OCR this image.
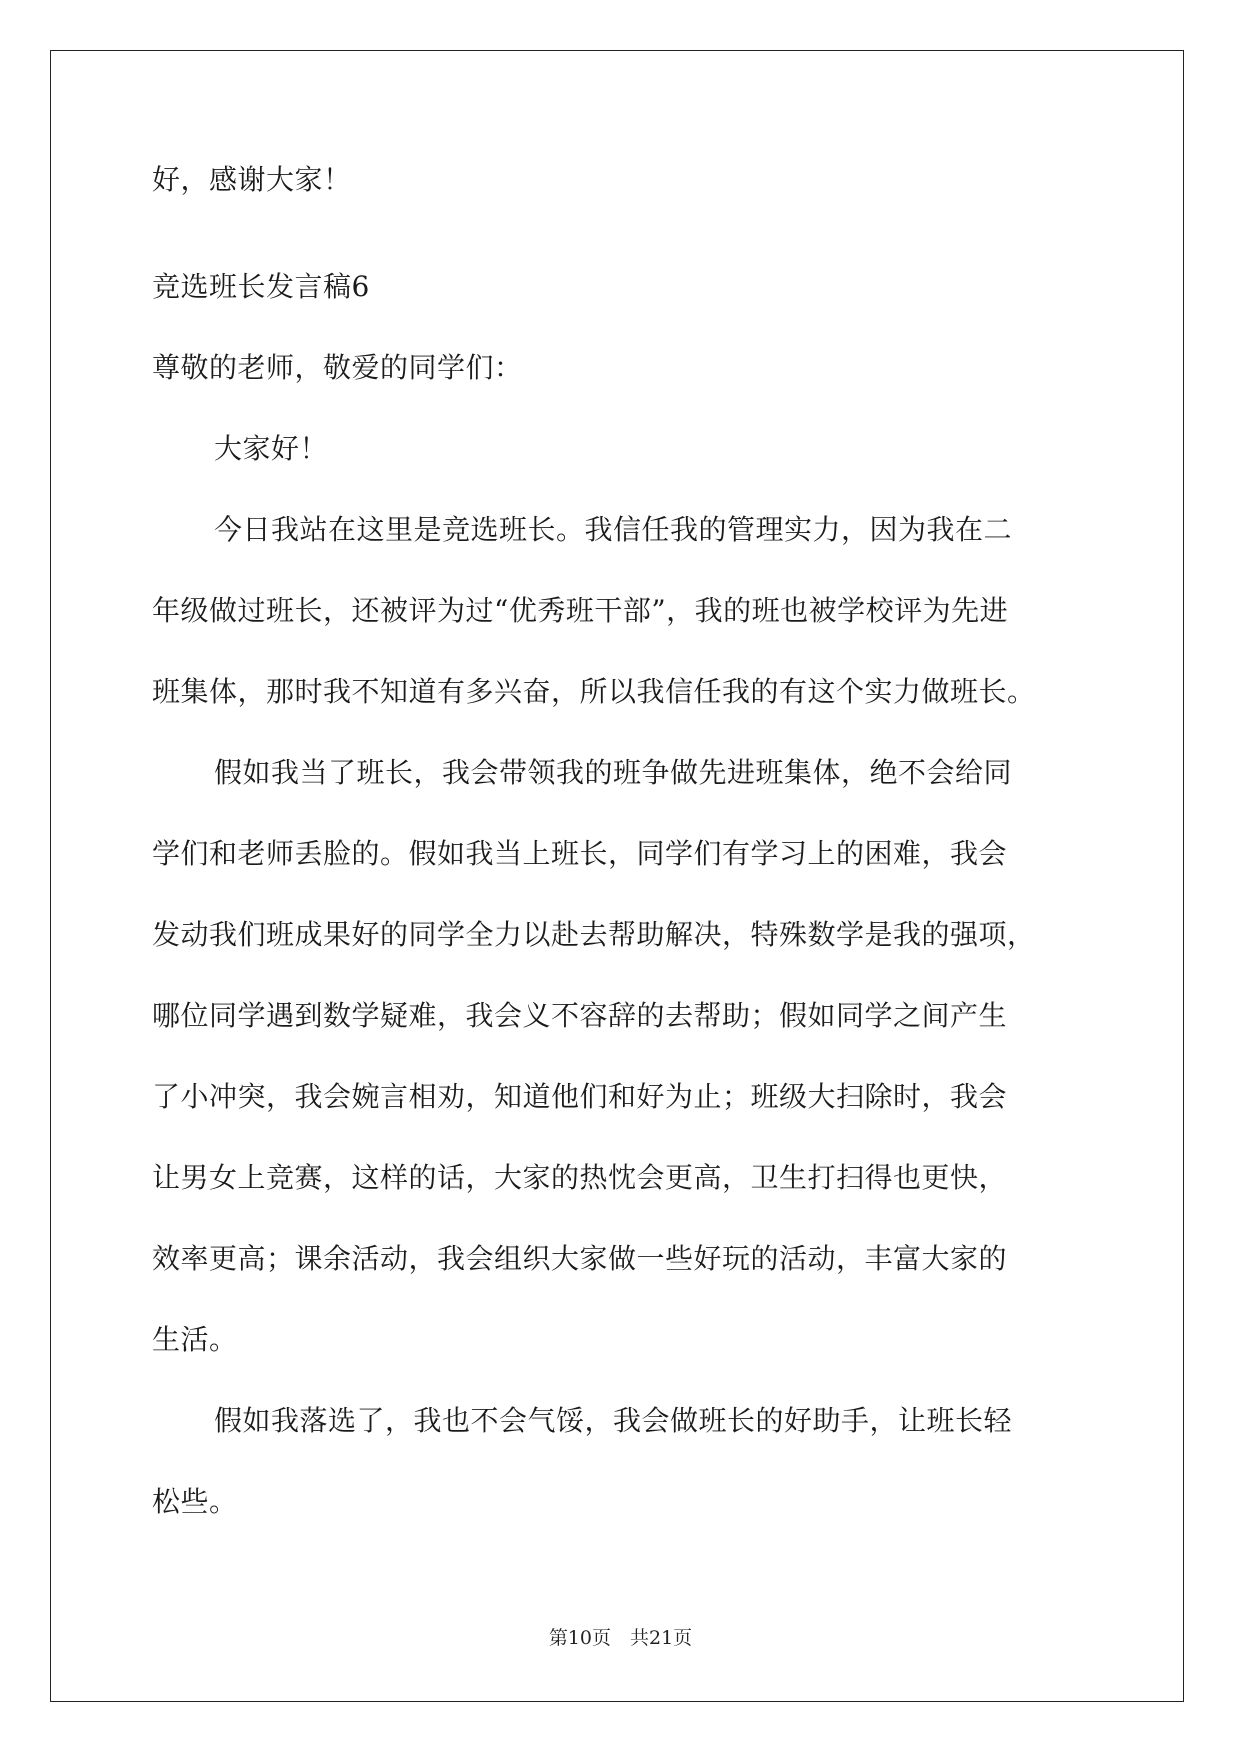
好，感谢大家！
竞选班长发言稿6
尊敬的老师，敬爱的同学们：
大家好！
今日我站在这里是竞选班长。我信任我的管理实力，因为我在二
年级做过班长，还被评为过“优秀班干部”，我的班也被学校评为先进
班集体，那时我不知道有多兴奋，所以我信任我的有这个实力做班长。
假如我当了班长，我会带领我的班争做先进班集体，绝不会给同
学们和老师丢脸的。假如我当上班长，同学们有学习上的困难，我会
发动我们班成果好的同学全力以赴去帮助解决，特殊数学是我的强项，
哪位同学遇到数学疑难，我会义不容辞的去帮助；假如同学之间产生
了小冲突，我会婉言相劝，知道他们和好为止；班级大扫除时，我会
让男女上竞赛，这样的话，大家的热忱会更高，卫生打扫得也更快，
效率更高；课余活动，我会组织大家做一些好玩的活动，丰富大家的
生活。
假如我落选了，我也不会气馁，我会做班长的好助手，让班长轻
松些。
第10页　共21页
